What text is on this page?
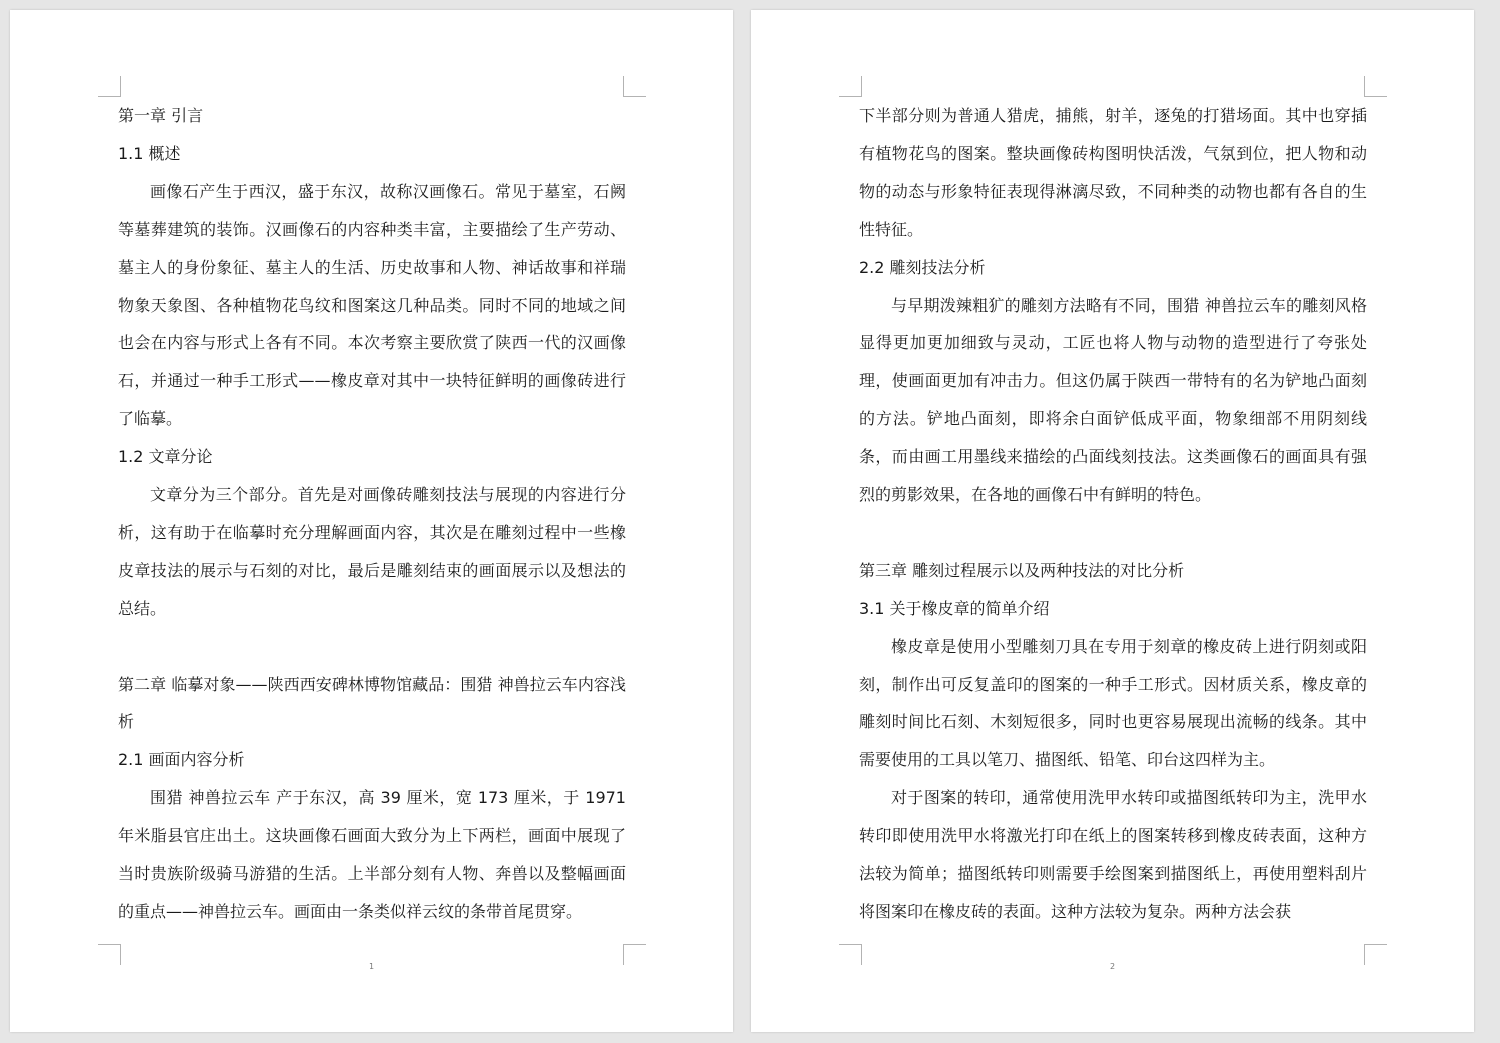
第一章 引言

1.1 概述

画像石产生于西汉，盛于东汉，故称汉画像石。常见于墓室，石阙等墓葬建筑的装饰。汉画像石的内容种类丰富，主要描绘了生产劳动、墓主人的身份象征、墓主人的生活、历史故事和人物、神话故事和祥瑞物象天象图、各种植物花鸟纹和图案这几种品类。同时不同的地域之间也会在内容与形式上各有不同。本次考察主要欣赏了陕西一代的汉画像石，并通过一种手工形式——橡皮章对其中一块特征鲜明的画像砖进行了临摹。

1.2 文章分论

文章分为三个部分。首先是对画像砖雕刻技法与展现的内容进行分析，这有助于在临摹时充分理解画面内容，其次是在雕刻过程中一些橡皮章技法的展示与石刻的对比，最后是雕刻结束的画面展示以及想法的总结。

第二章 临摹对象——陕西西安碑林博物馆藏品：围猎 神兽拉云车内容浅析

2.1 画面内容分析

围猎 神兽拉云车 产于东汉，高 39 厘米，宽 173 厘米，于 1971 年米脂县官庄出土。这块画像石画面大致分为上下两栏，画面中展现了当时贵族阶级骑马游猎的生活。上半部分刻有人物、奔兽以及整幅画面的重点——神兽拉云车。画面由一条类似祥云纹的条带首尾贯穿。

1

下半部分则为普通人猎虎，捕熊，射羊，逐兔的打猎场面。其中也穿插有植物花鸟的图案。整块画像砖构图明快活泼，气氛到位，把人物和动物的动态与形象特征表现得淋漓尽致，不同种类的动物也都有各自的生性特征。

2.2 雕刻技法分析

与早期泼辣粗犷的雕刻方法略有不同，围猎 神兽拉云车的雕刻风格显得更加更加细致与灵动，工匠也将人物与动物的造型进行了夸张处理，使画面更加有冲击力。但这仍属于陕西一带特有的名为铲地凸面刻的方法。铲地凸面刻，即将余白面铲低成平面，物象细部不用阴刻线条，而由画工用墨线来描绘的凸面线刻技法。这类画像石的画面具有强烈的剪影效果，在各地的画像石中有鲜明的特色。

第三章 雕刻过程展示以及两种技法的对比分析

3.1 关于橡皮章的简单介绍

橡皮章是使用小型雕刻刀具在专用于刻章的橡皮砖上进行阴刻或阳刻，制作出可反复盖印的图案的一种手工形式。因材质关系，橡皮章的雕刻时间比石刻、木刻短很多，同时也更容易展现出流畅的线条。其中需要使用的工具以笔刀、描图纸、铅笔、印台这四样为主。

对于图案的转印，通常使用洗甲水转印或描图纸转印为主，洗甲水转印即使用洗甲水将激光打印在纸上的图案转移到橡皮砖表面，这种方法较为简单；描图纸转印则需要手绘图案到描图纸上，再使用塑料刮片将图案印在橡皮砖的表面。这种方法较为复杂。两种方法会获

2
